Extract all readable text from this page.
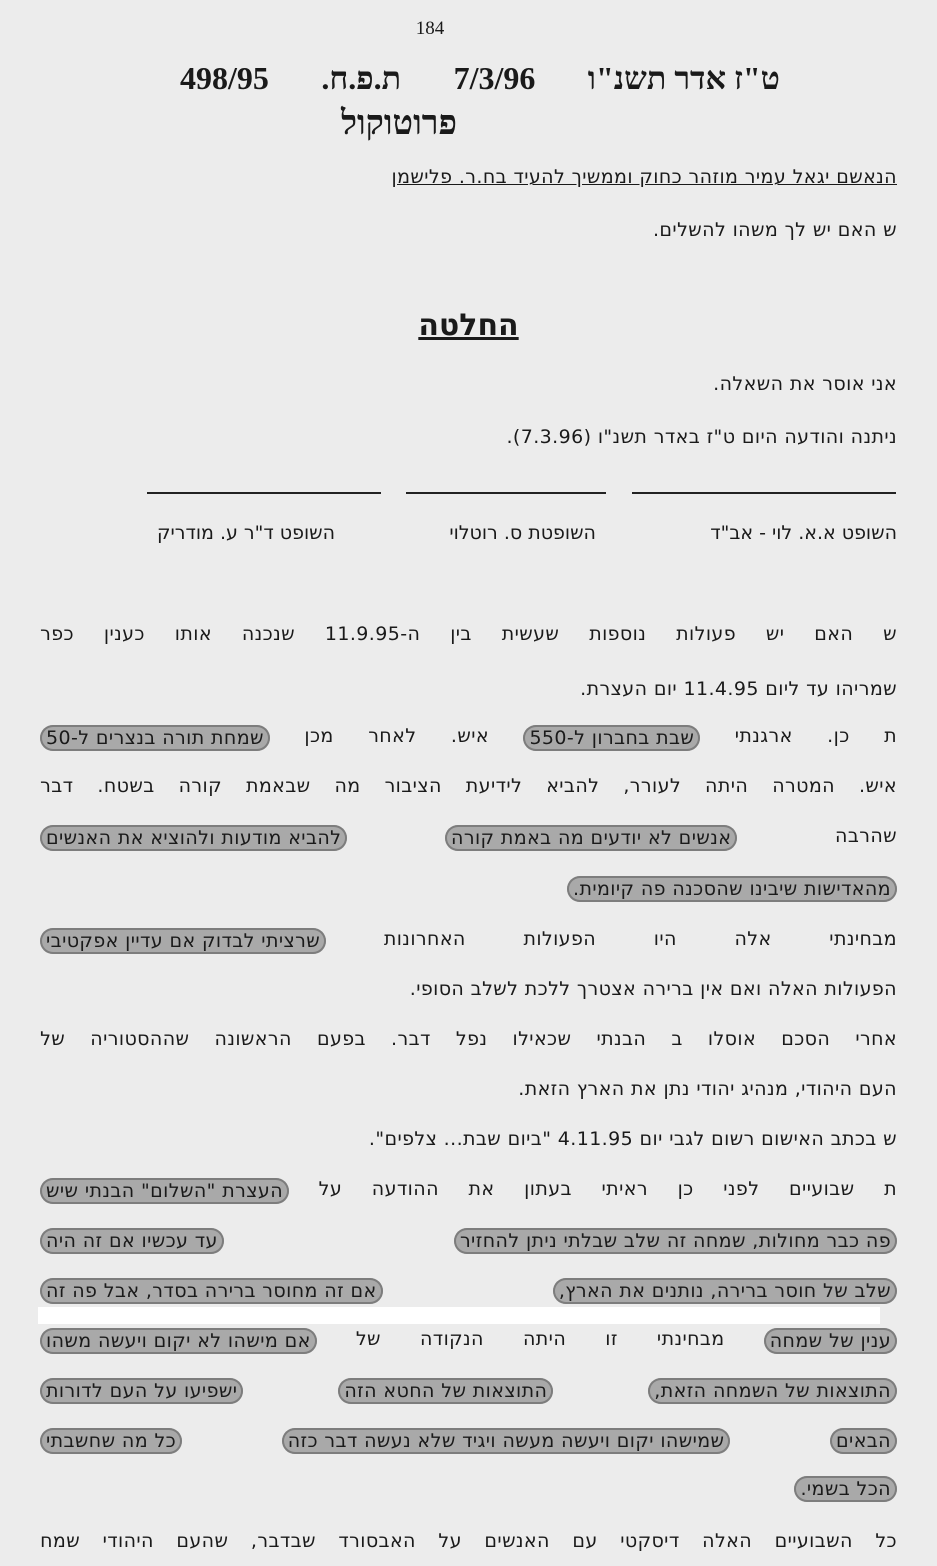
184
ט"ז אדר תשנ"ו
7/3/96
ת.פ.ח.
498/95
פרוטוקול
הנאשם יגאל עמיר מוזהר כחוק וממשיך להעיד בח.ר. פלישמן
ש האם יש לך משהו להשלים.
החלטה
אני אוסר את השאלה.
ניתנה והודעה היום ט"ז באדר תשנ"ו (7.3.96).
השופט א.א. לוי - אב"ד
השופטת ס. רוטלוי
השופט ד"ר ע. מודריק
ש
האם
יש
פעולות
נוספות
שעשית
בין
ה-11.9.95
שנכנה
אותו
כענין
כפר
שמריהו עד ליום 11.4.95 יום העצרת.
ת
כן.
ארגנתי
שבת בחברון ל-550
איש.
לאחר
מכן
שמחת תורה בנצרים ל-50
איש.
המטרה
היתה
לעורר,
להביא
לידיעת
הציבור
מה
שבאמת
קורה
בשטח.
דבר
שהרבה
אנשים לא יודעים מה באמת קורה
להביא מודעות ולהוציא את האנשים
מהאדישות שיבינו שהסכנה פה קיומית.
מבחינתי
אלה
היו
הפעולות
האחרונות
שרציתי לבדוק אם עדיין אפקטיבי
הפעולות האלה ואם אין ברירה אצטרך ללכת לשלב הסופי.
אחרי
הסכם
אוסלו
ב
הבנתי
שכאילו
נפל
דבר.
בפעם
הראשונה
שההסטוריה
של
העם היהודי, מנהיג יהודי נתן את הארץ הזאת.
ש בכתב האישום רשום לגבי יום 4.11.95 "ביום שבת... צלפים".
ת
שבועיים
לפני
כן
ראיתי
בעתון
את
ההודעה
על
העצרת "השלום" הבנתי שיש
פה כבר מחולות, שמחה זה שלב שבלתי ניתן להחזיר
עד עכשיו אם זה היה
שלב של חוסר ברירה, נותנים את הארץ,
אם זה מחוסר ברירה בסדר, אבל פה זה
ענין של שמחה
מבחינתי
זו
היתה
הנקודה
של
אם מישהו לא יקום ויעשה משהו
התוצאות של השמחה הזאת,
התוצאות של החטא הזה
ישפיעו על העם לדורות
הבאים
שמישהו יקום ויעשה מעשה ויגיד שלא נעשה דבר כזה
כל מה שחשבתי
הכל בשמי.
כל
השבועיים
האלה
דיסקטי
עם
האנשים
על
האבסורד
שבדבר,
שהעם
היהודי
שמח
